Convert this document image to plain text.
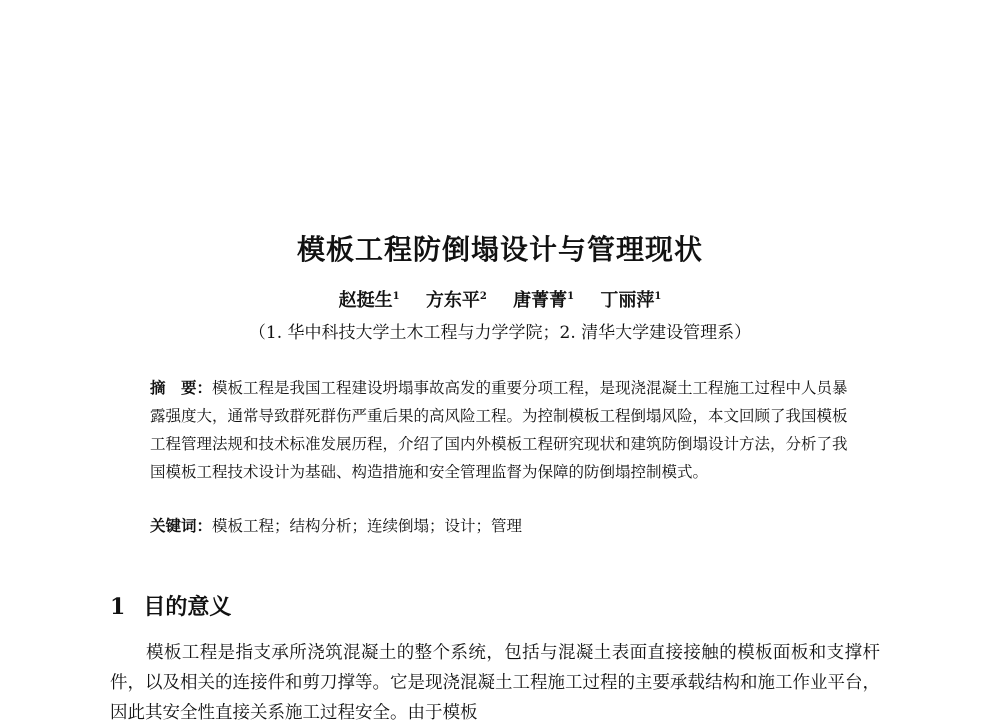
模板工程防倒塌设计与管理现状
赵挺生$^1$ 方东平$^2$ 唐菁菁$^1$ 丁丽萍$^1$
（1. 华中科技大学土木工程与力学学院；2. 清华大学建设管理系）

摘　要：模板工程是我国工程建设坍塌事故高发的重要分项工程，是现浇混凝土工程施工过程中人员暴露强度大，通常导致群死群伤严重后果的高风险工程。为控制模板工程倒塌风险，本文回顾了我国模板工程管理法规和技术标准发展历程，介绍了国内外模板工程研究现状和建筑防倒塌设计方法，分析了我国模板工程技术设计为基础、构造措施和安全管理监督为保障的防倒塌控制模式。

关键词：模板工程；结构分析；连续倒塌；设计；管理
1 目的意义

模板工程是指支承所浇筑混凝土的整个系统，包括与混凝土表面直接接触的模板面板和支撑杆件，以及相关的连接件和剪刀撑等。它是现浇混凝土工程施工过程的主要承载结构和施工作业平台，因此其安全性直接关系施工过程安全。由于模板
